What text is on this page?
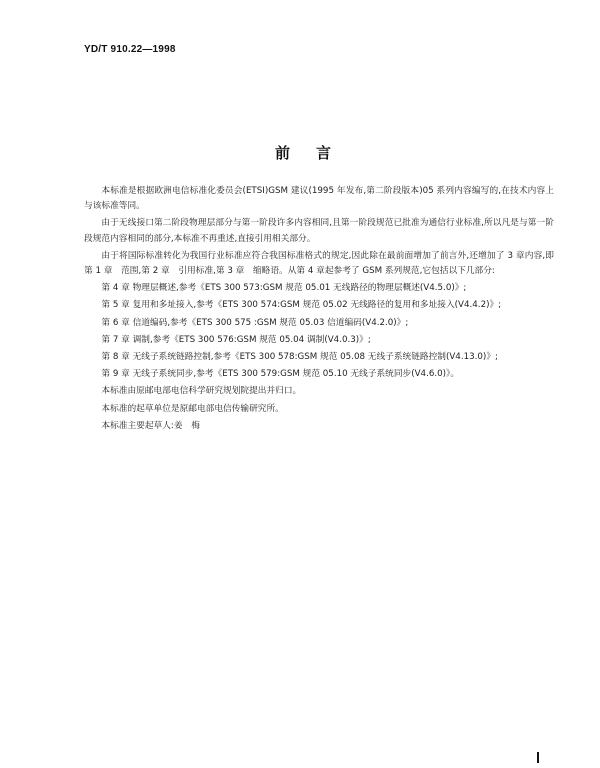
YD/T 910.22—1998
前言

本标准是根据欧洲电信标准化委员会(ETSI)GSM 建议(1995 年发布,第二阶段版本)05 系列内容编写的,在技术内容上与该标准等同。

由于无线接口第二阶段物理层部分与第一阶段许多内容相同,且第一阶段规范已批准为通信行业标准,所以凡是与第一阶段规范内容相同的部分,本标准不再重述,直接引用相关部分。

由于将国际标准转化为我国行业标准应符合我国标准格式的规定,因此除在最前面增加了前言外,还增加了 3 章内容,即第 1 章　范围,第 2 章　引用标准,第 3 章　缩略语。从第 4 章起参考了 GSM 系列规范,它包括以下几部分:

第 4 章 物理层概述,参考《ETS 300 573:GSM 规范 05.01 无线路径的物理层概述(V4.5.0)》;

第 5 章 复用和多址接入,参考《ETS 300 574:GSM 规范 05.02 无线路径的复用和多址接入(V4.4.2)》;

第 6 章 信道编码,参考《ETS 300 575 :GSM 规范 05.03 信道编码(V4.2.0)》;

第 7 章 调制,参考《ETS 300 576:GSM 规范 05.04 调制(V4.0.3)》;

第 8 章 无线子系统链路控制,参考《ETS 300 578:GSM 规范 05.08 无线子系统链路控制(V4.13.0)》;

第 9 章 无线子系统同步,参考《ETS 300 579:GSM 规范 05.10 无线子系统同步(V4.6.0)》。

本标准由原邮电部电信科学研究规划院提出并归口。

本标准的起草单位是原邮电部电信传输研究所。

本标准主要起草人:姜　梅
